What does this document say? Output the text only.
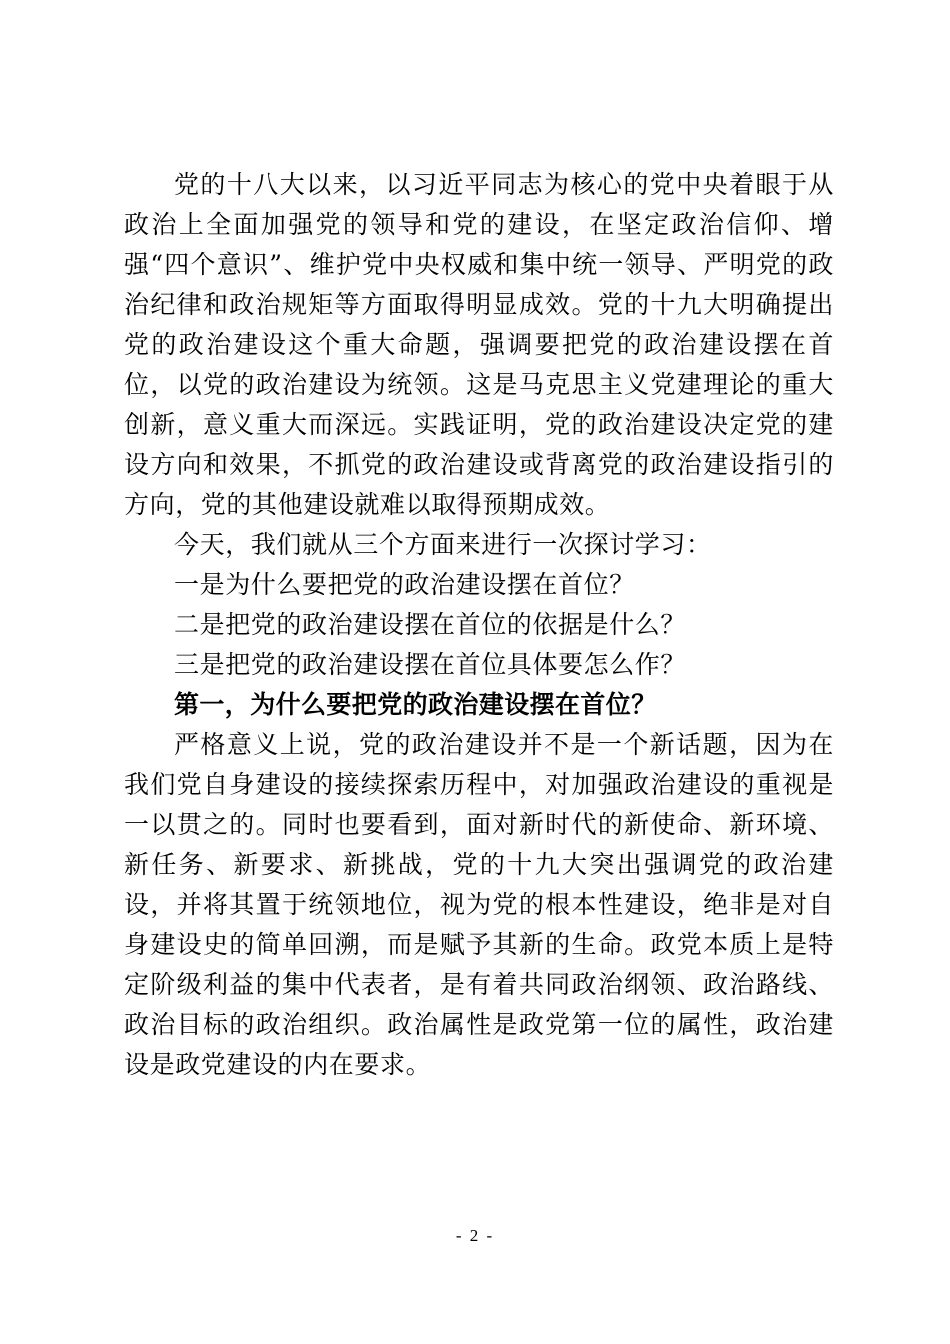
党的十八大以来，以习近平同志为核心的党中央着眼于从政治上全面加强党的领导和党的建设，在坚定政治信仰、增强“四个意识”、维护党中央权威和集中统一领导、严明党的政治纪律和政治规矩等方面取得明显成效。党的十九大明确提出党的政治建设这个重大命题，强调要把党的政治建设摆在首位，以党的政治建设为统领。这是马克思主义党建理论的重大创新，意义重大而深远。实践证明，党的政治建设决定党的建设方向和效果，不抓党的政治建设或背离党的政治建设指引的方向，党的其他建设就难以取得预期成效。

今天，我们就从三个方面来进行一次探讨学习：

一是为什么要把党的政治建设摆在首位？

二是把党的政治建设摆在首位的依据是什么？

三是把党的政治建设摆在首位具体要怎么作？

第一，为什么要把党的政治建设摆在首位？

严格意义上说，党的政治建设并不是一个新话题，因为在我们党自身建设的接续探索历程中，对加强政治建设的重视是一以贯之的。同时也要看到，面对新时代的新使命、新环境、新任务、新要求、新挑战，党的十九大突出强调党的政治建设，并将其置于统领地位，视为党的根本性建设，绝非是对自身建设史的简单回溯，而是赋予其新的生命。政党本质上是特定阶级利益的集中代表者，是有着共同政治纲领、政治路线、政治目标的政治组织。政治属性是政党第一位的属性，政治建设是政党建设的内在要求。

- 2 -
